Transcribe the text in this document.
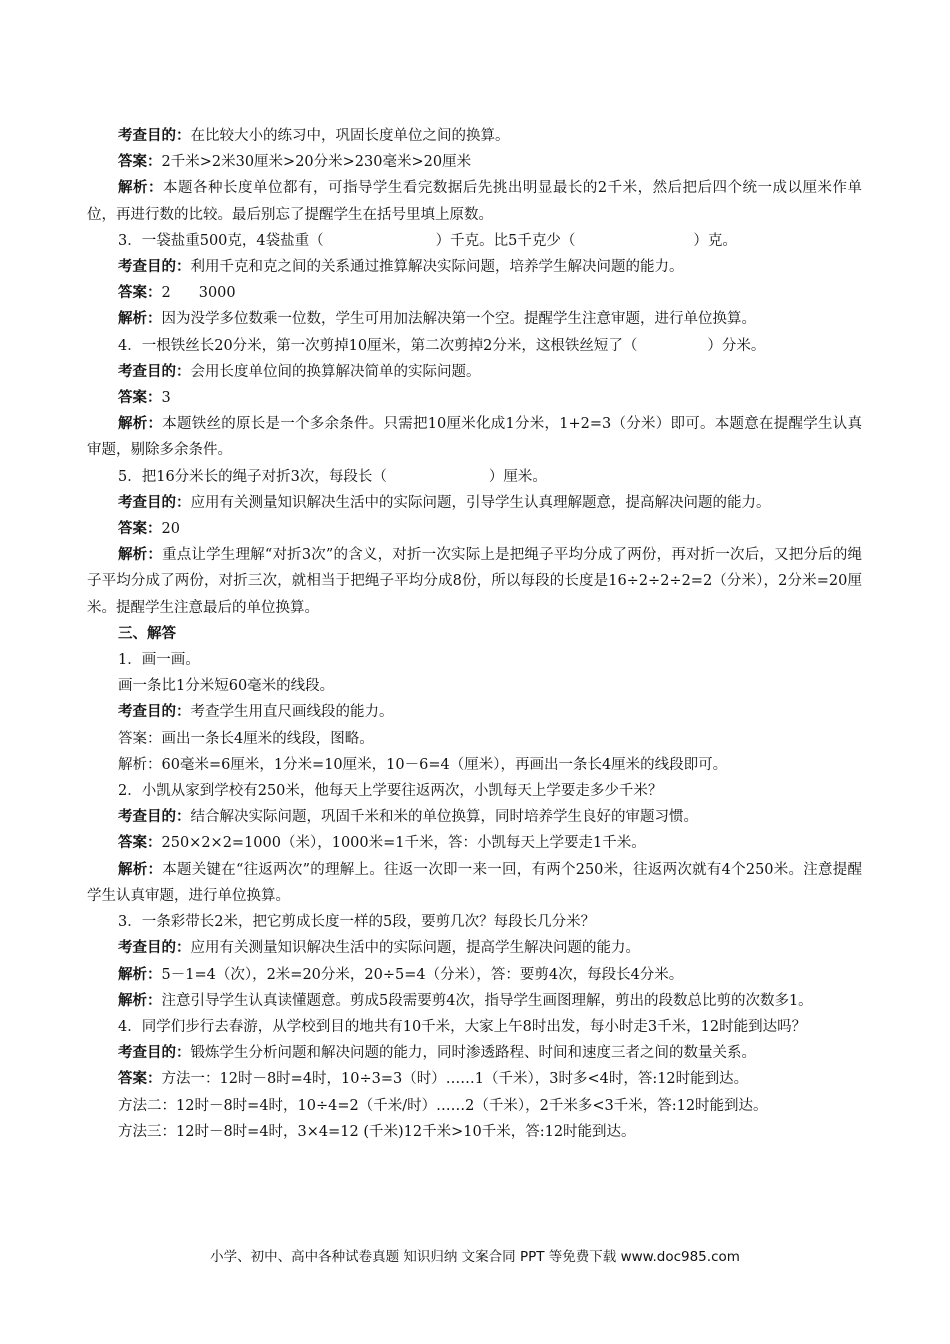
考查目的：在比较大小的练习中，巩固长度单位之间的换算。

答案：2千米>2米30厘米>20分米>230毫米>20厘米

解析：本题各种长度单位都有，可指导学生看完数据后先挑出明显最长的2千米，然后把后四个统一成以厘米作单位，再进行数的比较。最后别忘了提醒学生在括号里填上原数。

3．一袋盐重500克，4袋盐重（	）千克。比5千克少（	）克。

考查目的：利用千克和克之间的关系通过推算解决实际问题，培养学生解决问题的能力。

答案：2 3000

解析：因为没学多位数乘一位数，学生可用加法解决第一个空。提醒学生注意审题，进行单位换算。

4．一根铁丝长20分米，第一次剪掉10厘米，第二次剪掉2分米，这根铁丝短了（	）分米。

考查目的：会用长度单位间的换算解决简单的实际问题。

答案：3

解析：本题铁丝的原长是一个多余条件。只需把10厘米化成1分米，1+2=3（分米）即可。本题意在提醒学生认真审题，剔除多余条件。

5．把16分米长的绳子对折3次，每段长（	）厘米。

考查目的：应用有关测量知识解决生活中的实际问题，引导学生认真理解题意，提高解决问题的能力。

答案：20

解析：重点让学生理解“对折3次”的含义，对折一次实际上是把绳子平均分成了两份，再对折一次后，又把分后的绳子平均分成了两份，对折三次，就相当于把绳子平均分成8份，所以每段的长度是16÷2÷2÷2=2（分米），2分米=20厘米。提醒学生注意最后的单位换算。

三、解答

1．画一画。

画一条比1分米短60毫米的线段。

考查目的：考查学生用直尺画线段的能力。

答案：画出一条长4厘米的线段，图略。

解析：60毫米=6厘米，1分米=10厘米，10－6=4（厘米），再画出一条长4厘米的线段即可。

2．小凯从家到学校有250米，他每天上学要往返两次，小凯每天上学要走多少千米？

考查目的：结合解决实际问题，巩固千米和米的单位换算，同时培养学生良好的审题习惯。

答案：250×2×2=1000（米），1000米=1千米，答：小凯每天上学要走1千米。

解析：本题关键在“往返两次”的理解上。往返一次即一来一回，有两个250米，往返两次就有4个250米。注意提醒学生认真审题，进行单位换算。

3．一条彩带长2米，把它剪成长度一样的5段，要剪几次？每段长几分米？

考查目的：应用有关测量知识解决生活中的实际问题，提高学生解决问题的能力。

解析：5－1=4（次），2米=20分米，20÷5=4（分米），答：要剪4次，每段长4分米。

解析：注意引导学生认真读懂题意。剪成5段需要剪4次，指导学生画图理解，剪出的段数总比剪的次数多1。

4．同学们步行去春游，从学校到目的地共有10千米，大家上午8时出发，每小时走3千米，12时能到达吗？

考查目的：锻炼学生分析问题和解决问题的能力，同时渗透路程、时间和速度三者之间的数量关系。

答案：方法一：12时－8时=4时，10÷3=3（时）……1（千米），3时多<4时，答:12时能到达。

方法二：12时－8时=4时，10÷4=2（千米/时）……2（千米），2千米多<3千米，答:12时能到达。

方法三：12时－8时=4时，3×4=12 (千米)12千米>10千米，答:12时能到达。

小学、初中、高中各种试卷真题 知识归纳 文案合同 PPT 等免费下载 www.doc985.com
